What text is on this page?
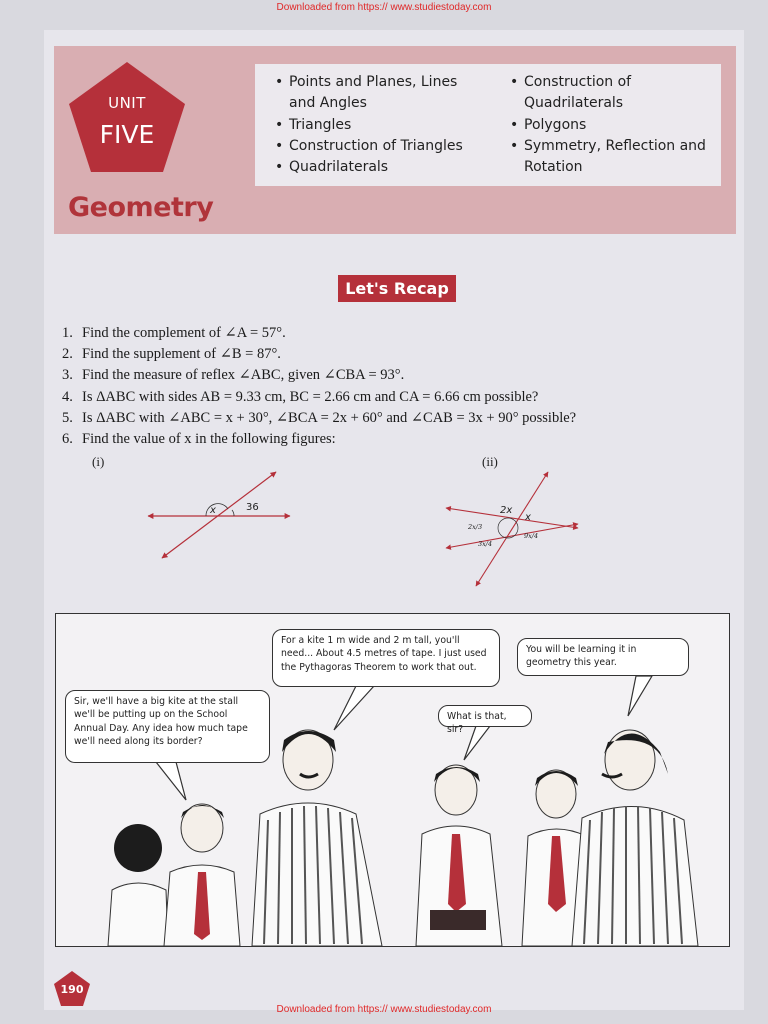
Downloaded from https:// www.studiestoday.com
UNIT
FIVE
Geometry
• Points and Planes, Lines and Angles
• Triangles
• Construction of Triangles
• Quadrilaterals
• Construction of Quadrilaterals
• Polygons
• Symmetry, Reflection and Rotation
Let's Recap
1. Find the complement of ∠A = 57°.
2. Find the supplement of ∠B = 87°.
3. Find the measure of reflex ∠ABC, given ∠CBA = 93°.
4. Is ΔABC with sides AB = 9.33 cm, BC = 2.66 cm and CA = 6.66 cm possible?
5. Is ΔABC with ∠ABC = x + 30°, ∠BCA = 2x + 60° and ∠CAB = 3x + 90° possible?
6. Find the value of x in the following figures:
(i)	(ii)
x	36	2x
x
2x/3
3x/4
9x/4
Sir, we'll have a big kite at the stall we'll be putting up on the School Annual Day. Any idea how much tape we'll need along its border?
For a kite 1 m wide and 2 m tall, you'll need... About 4.5 metres of tape. I just used the Pythagoras Theorem to work that out.
What is that, sir?
You will be learning it in geometry this year.
190
Downloaded from https:// www.studiestoday.com
